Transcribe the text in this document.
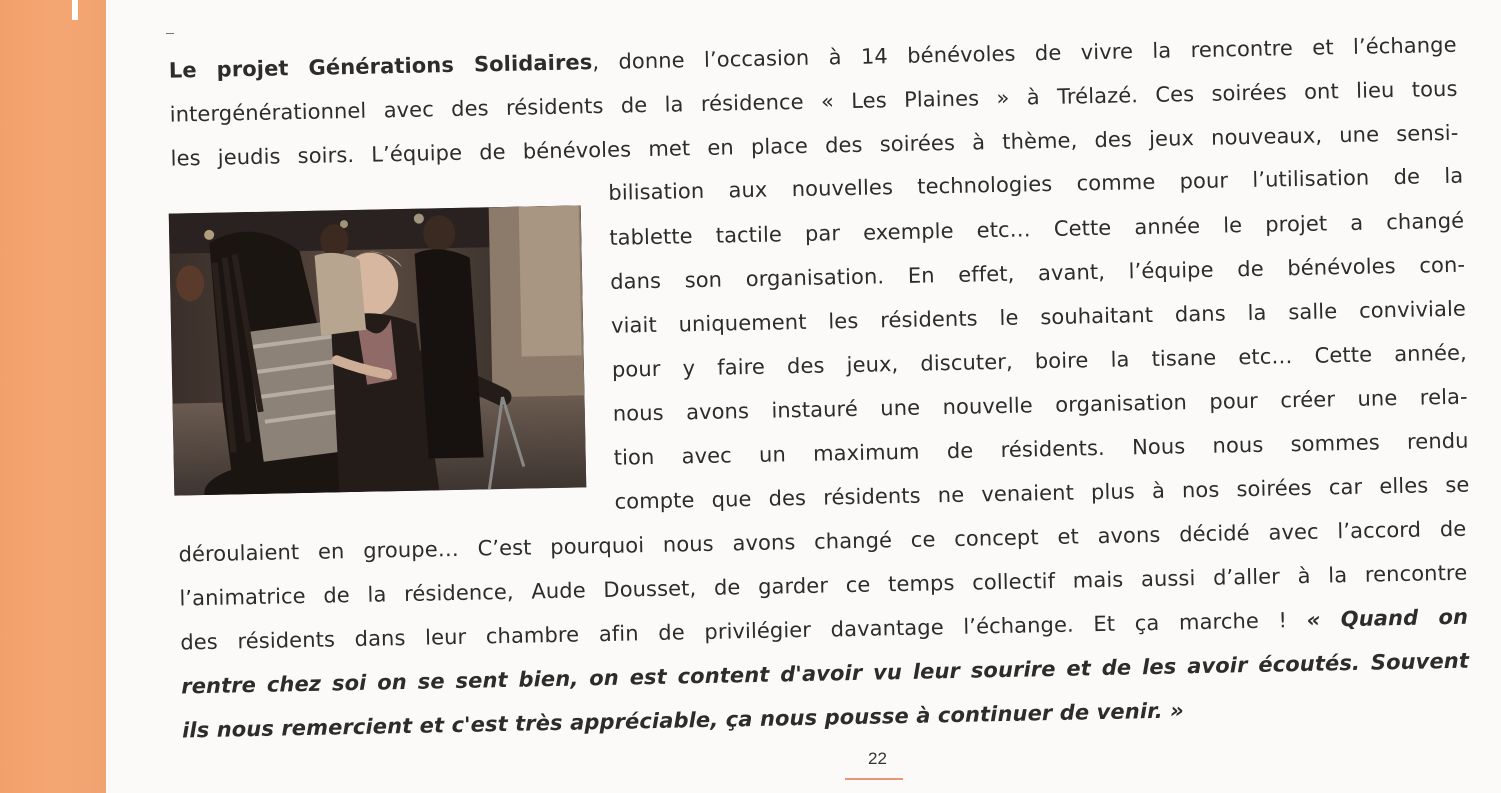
Le projet Générations Solidaires, donne l’occasion à 14 bénévoles de vivre la rencontre et l’échange
intergénérationnel avec des résidents de la résidence « Les Plaines » à Trélazé. Ces soirées ont lieu tous
les jeudis soirs. L’équipe de bénévoles met en place des soirées à thème, des jeux nouveaux, une sensi-
bilisation aux nouvelles technologies comme pour l’utilisation de la
tablette tactile par exemple etc… Cette année le projet a changé
dans son organisation. En effet, avant, l’équipe de bénévoles con-
viait uniquement les résidents le souhaitant dans la salle conviviale
pour y faire des jeux, discuter, boire la tisane etc… Cette année,
nous avons instauré une nouvelle organisation pour créer une rela-
tion avec un maximum de résidents. Nous nous sommes rendu
compte que des résidents ne venaient plus à nos soirées car elles se
déroulaient en groupe… C’est pourquoi nous avons changé ce concept et avons décidé avec l’accord de
l’animatrice de la résidence, Aude Dousset, de garder ce temps collectif mais aussi d’aller à la rencontre
des résidents dans leur chambre afin de privilégier davantage l’échange. Et ça marche ! « Quand on
rentre chez soi on se sent bien, on est content d'avoir vu leur sourire et de les avoir écoutés. Souvent
ils nous remercient et c'est très appréciable, ça nous pousse à continuer de venir. »
22
